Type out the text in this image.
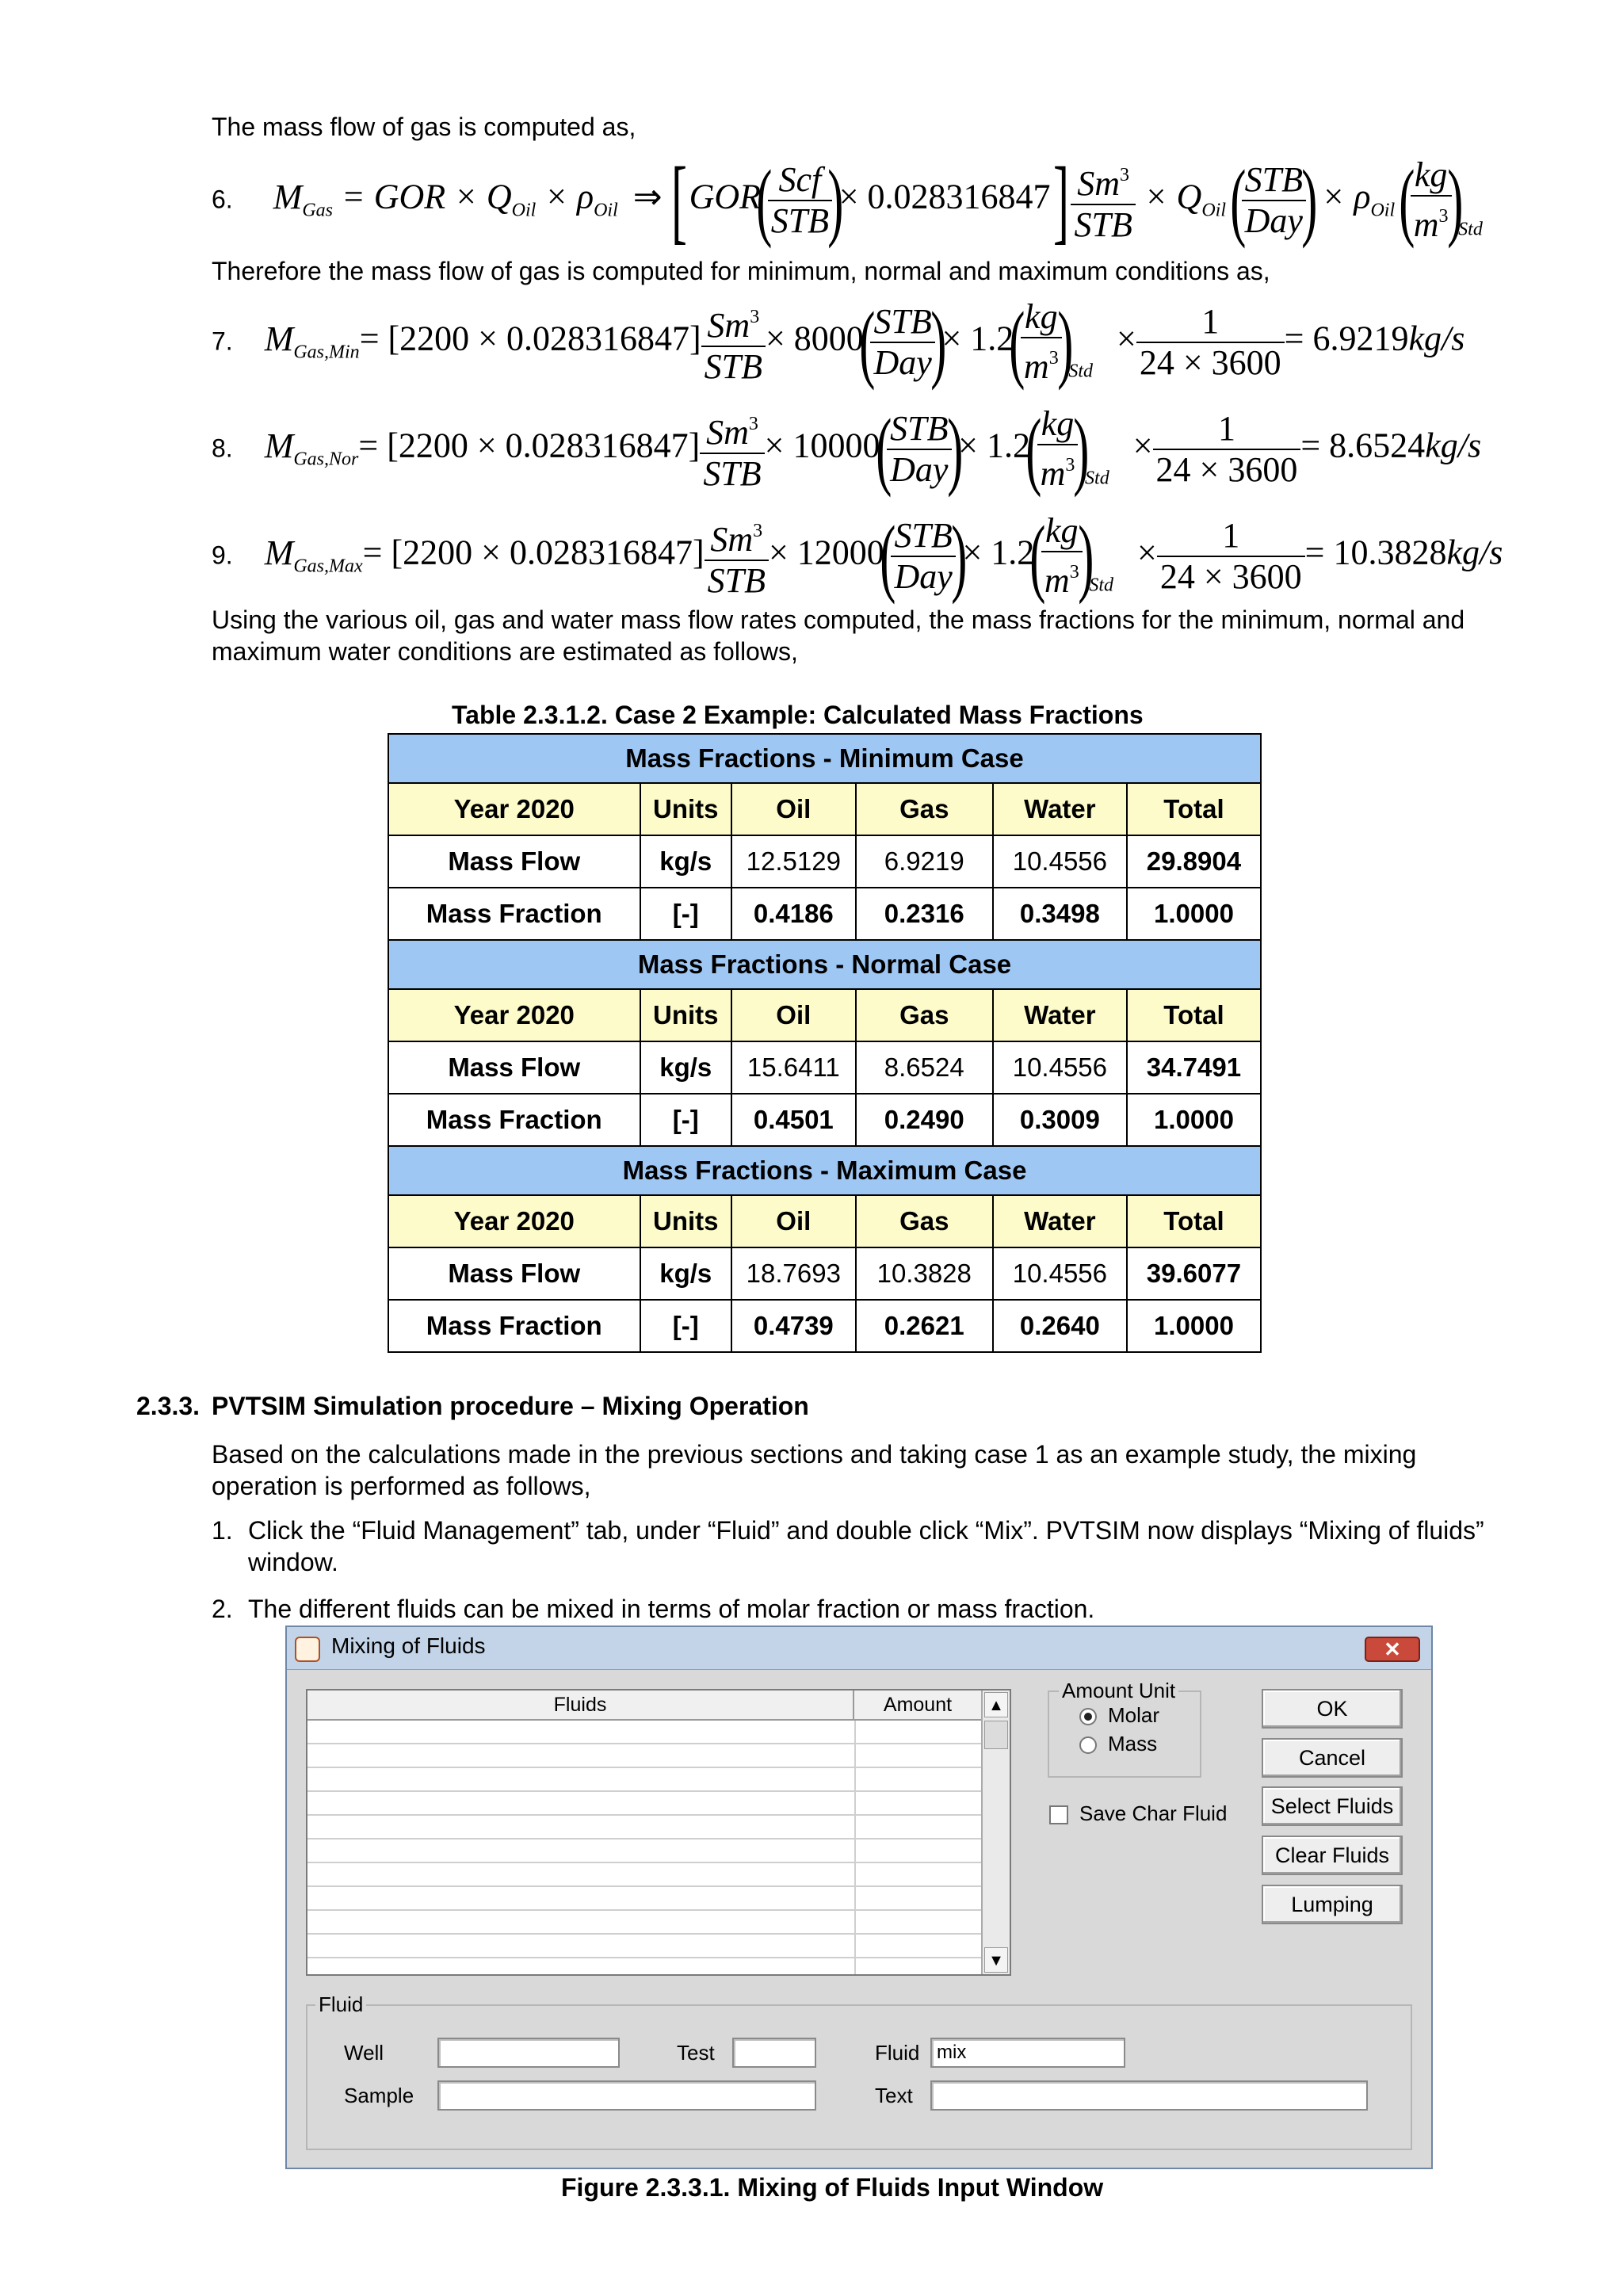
The mass flow of gas is computed as,
6. $M_{Gas}$ = GOR × $Q_{Oil} \times \rho_{Oil}$ ⇒ [ GOR(
$\frac{\text{Scf}}{\text{STB}}$
)× 0.028316847 ] $\frac{Sm^3}{\text{STB}} \times Q_{Oil}$ (
$\frac{\text{STB}}{\text{Day}}$
) × $\rho_{Oil}$ (
$\frac{kg}{m^3}$
)$_{Std}$
Therefore the mass flow of gas is computed for minimum, normal and maximum conditions as,
7. $M_{Gas,Min}= [2200 \times 0.028316847] \frac{Sm^3}{\text{STB}} \times 8000$(
$\frac{\text{STB}}{\text{Day}}$
)× 1.2(
$\frac{kg}{m^3}$
)$_{Std}\times \frac{1}{24 \times 3600} = 6.9219kg/s$
8. $M_{Gas,Nor}= [2200 \times 0.028316847] \frac{Sm^3}{\text{STB}} \times 10000$(
$\frac{\text{STB}}{\text{Day}}$
)× 1.2(
$\frac{kg}{m^3}$
)$_{Std}\times \frac{1}{24 \times 3600} = 8.6524kg/s$
9. $M_{Gas,Max}= [2200 \times 0.028316847] \frac{Sm^3}{\text{STB}} \times 12000$(
$\frac{\text{STB}}{\text{Day}}$
)× 1.2(
$\frac{kg}{m^3}$
)$_{Std}\times \frac{1}{24 \times 3600} = 10.3828kg/s$
Using the various oil, gas and water mass flow rates computed, the mass fractions for the minimum, normal and maximum water conditions are estimated as follows,
Table 2.3.1.2. Case 2 Example: Calculated Mass Fractions
Mass Fractions - Minimum Case					
Year 2020	Units	Oil	Gas	Water	Total
Mass Flow	kg/s	12.5129	6.9219	10.4556	29.8904
Mass Fraction	[-]	0.4186	0.2316	0.3498	1.0000
Mass Fractions - Normal Case					
Year 2020	Units	Oil	Gas	Water	Total
Mass Flow	kg/s	15.6411	8.6524	10.4556	34.7491
Mass Fraction	[-]	0.4501	0.2490	0.3009	1.0000
Mass Fractions - Maximum Case					
Year 2020	Units	Oil	Gas	Water	Total
Mass Flow	kg/s	18.7693	10.3828	10.4556	39.6077
Mass Fraction	[-]	0.4739	0.2621	0.2640	1.0000
2.3.3. PVTSIM Simulation procedure – Mixing Operation
Based on the calculations made in the previous sections and taking case 1 as an example study, the mixing operation is performed as follows,
1. Click the “Fluid Management” tab, under “Fluid” and double click “Mix”. PVTSIM now displays “Mixing of fluids” window.
2. The different fluids can be mixed in terms of molar fraction or mass fraction.
Mixing of Fluids	✕
Fluids	Amount	▲
▼
Amount Unit
Molar
Mass
Save Char Fluid
OK
Cancel
Select Fluids
Clear Fluids
Lumping
Fluid
Well	Test	Fluid mix
Sample	Text
Figure 2.3.3.1. Mixing of Fluids Input Window
